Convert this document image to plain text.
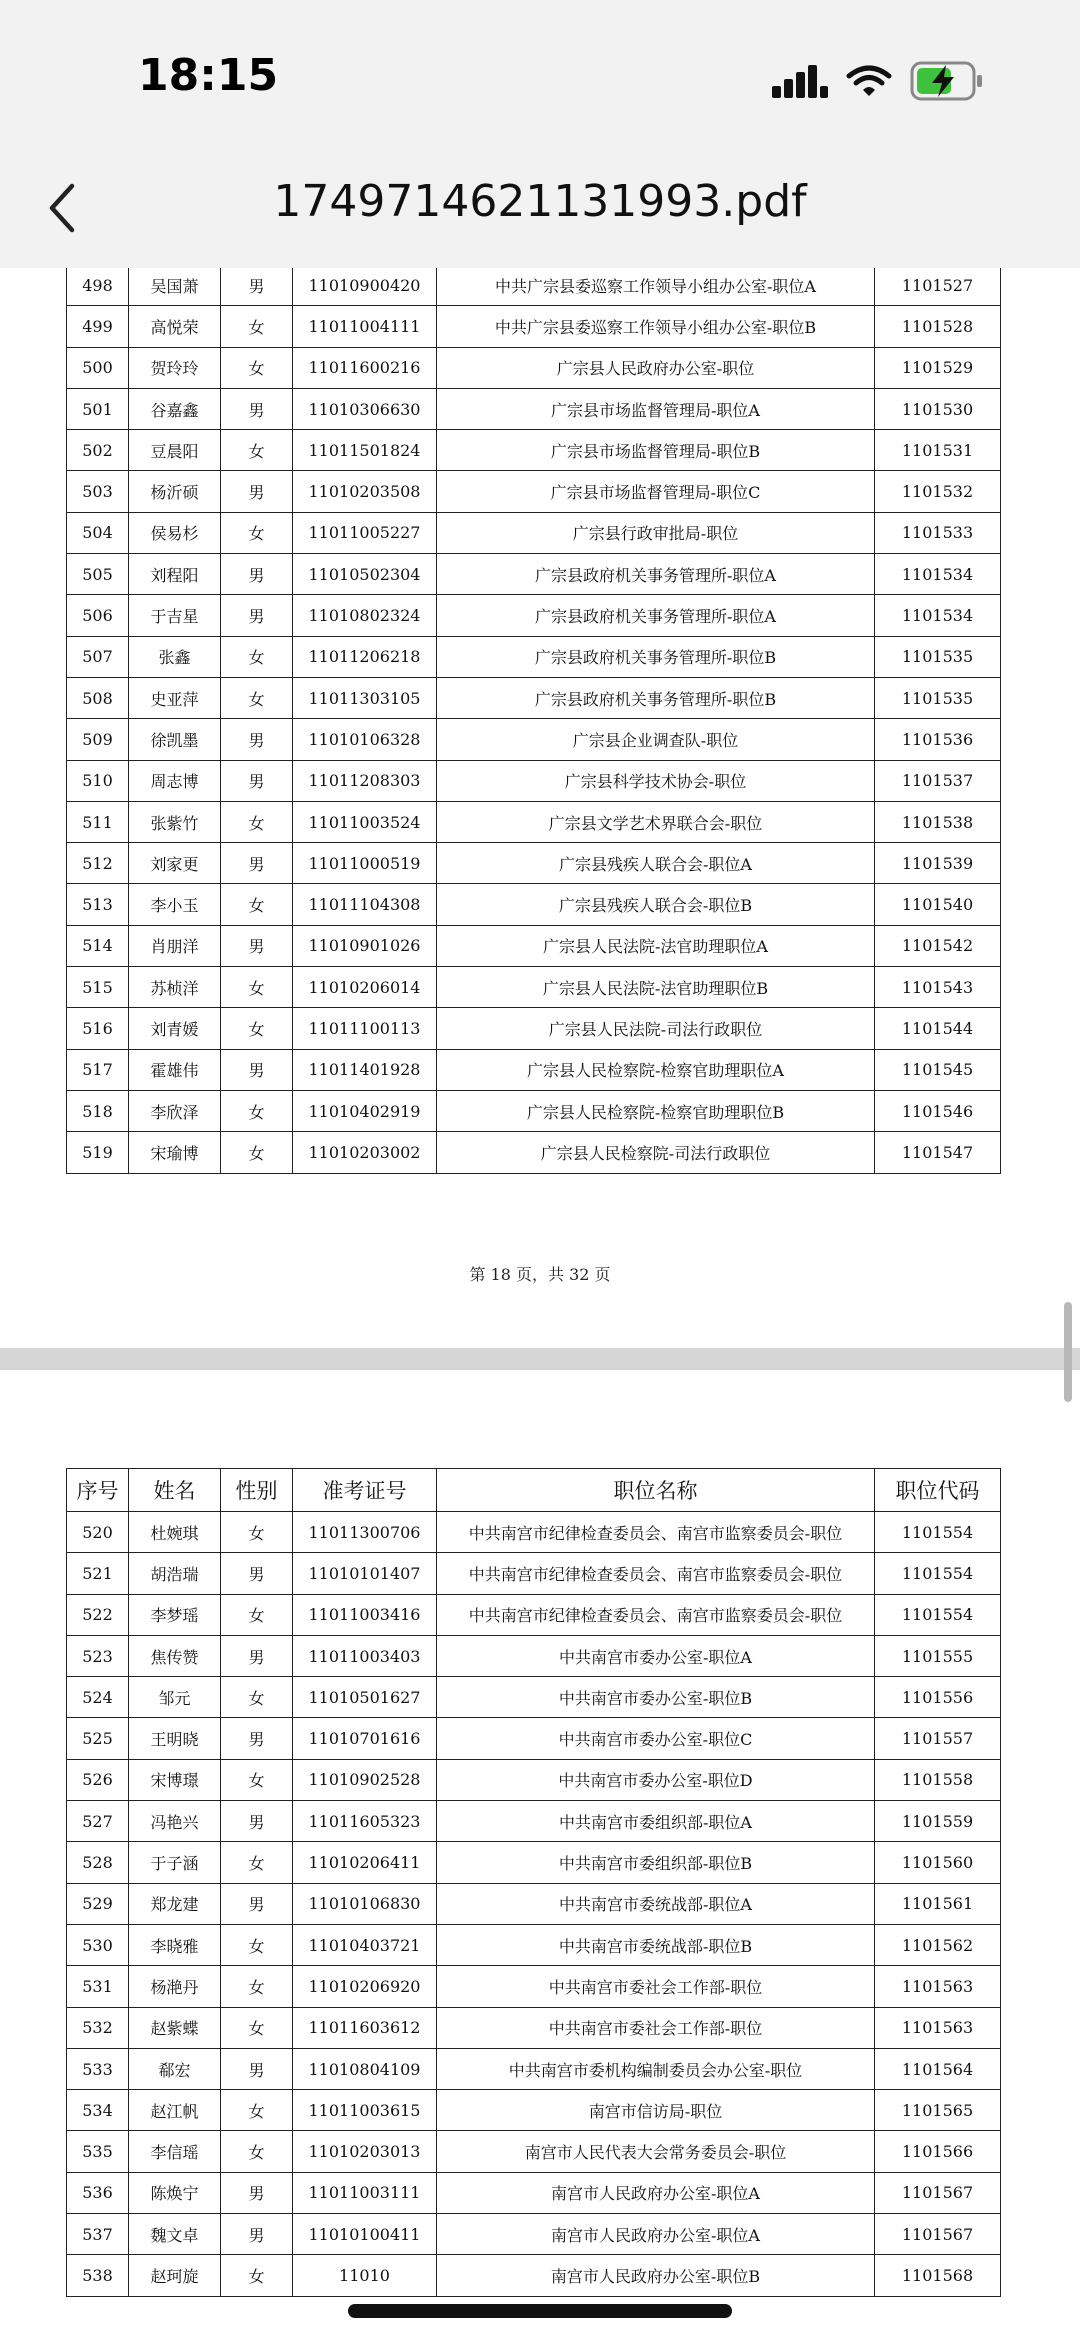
18:15
1749714621131993.pdf
498	吴国萧	男	11010900420	中共广宗县委巡察工作领导小组办公室-职位A	1101527
499	高悦荣	女	11011004111	中共广宗县委巡察工作领导小组办公室-职位B	1101528
500	贺玲玲	女	11011600216	广宗县人民政府办公室-职位	1101529
501	谷嘉鑫	男	11010306630	广宗县市场监督管理局-职位A	1101530
502	豆晨阳	女	11011501824	广宗县市场监督管理局-职位B	1101531
503	杨沂硕	男	11010203508	广宗县市场监督管理局-职位C	1101532
504	侯易杉	女	11011005227	广宗县行政审批局-职位	1101533
505	刘程阳	男	11010502304	广宗县政府机关事务管理所-职位A	1101534
506	于吉星	男	11010802324	广宗县政府机关事务管理所-职位A	1101534
507	张鑫	女	11011206218	广宗县政府机关事务管理所-职位B	1101535
508	史亚萍	女	11011303105	广宗县政府机关事务管理所-职位B	1101535
509	徐凯墨	男	11010106328	广宗县企业调查队-职位	1101536
510	周志博	男	11011208303	广宗县科学技术协会-职位	1101537
511	张紫竹	女	11011003524	广宗县文学艺术界联合会-职位	1101538
512	刘家更	男	11011000519	广宗县残疾人联合会-职位A	1101539
513	李小玉	女	11011104308	广宗县残疾人联合会-职位B	1101540
514	肖朋洋	男	11010901026	广宗县人民法院-法官助理职位A	1101542
515	苏桢洋	女	11010206014	广宗县人民法院-法官助理职位B	1101543
516	刘青媛	女	11011100113	广宗县人民法院-司法行政职位	1101544
517	霍雄伟	男	11011401928	广宗县人民检察院-检察官助理职位A	1101545
518	李欣泽	女	11010402919	广宗县人民检察院-检察官助理职位B	1101546
519	宋瑜博	女	11010203002	广宗县人民检察院-司法行政职位	1101547
第 18 页，共 32 页
序号	姓名	性别	准考证号	职位名称	职位代码
520	杜婉琪	女	11011300706	中共南宫市纪律检查委员会、南宫市监察委员会-职位	1101554
521	胡浩瑞	男	11010101407	中共南宫市纪律检查委员会、南宫市监察委员会-职位	1101554
522	李梦瑶	女	11011003416	中共南宫市纪律检查委员会、南宫市监察委员会-职位	1101554
523	焦传赞	男	11011003403	中共南宫市委办公室-职位A	1101555
524	邹元	女	11010501627	中共南宫市委办公室-职位B	1101556
525	王明晓	男	11010701616	中共南宫市委办公室-职位C	1101557
526	宋博璟	女	11010902528	中共南宫市委办公室-职位D	1101558
527	冯艳兴	男	11011605323	中共南宫市委组织部-职位A	1101559
528	于子涵	女	11010206411	中共南宫市委组织部-职位B	1101560
529	郑龙建	男	11010106830	中共南宫市委统战部-职位A	1101561
530	李晓雅	女	11010403721	中共南宫市委统战部-职位B	1101562
531	杨滟丹	女	11010206920	中共南宫市委社会工作部-职位	1101563
532	赵紫蝶	女	11011603612	中共南宫市委社会工作部-职位	1101563
533	郗宏	男	11010804109	中共南宫市委机构编制委员会办公室-职位	1101564
534	赵江帆	女	11011003615	南宫市信访局-职位	1101565
535	李信瑶	女	11010203013	南宫市人民代表大会常务委员会-职位	1101566
536	陈焕宁	男	11011003111	南宫市人民政府办公室-职位A	1101567
537	魏文卓	男	11010100411	南宫市人民政府办公室-职位A	1101567
538	赵珂旋	女	11010	南宫市人民政府办公室-职位B	1101568
